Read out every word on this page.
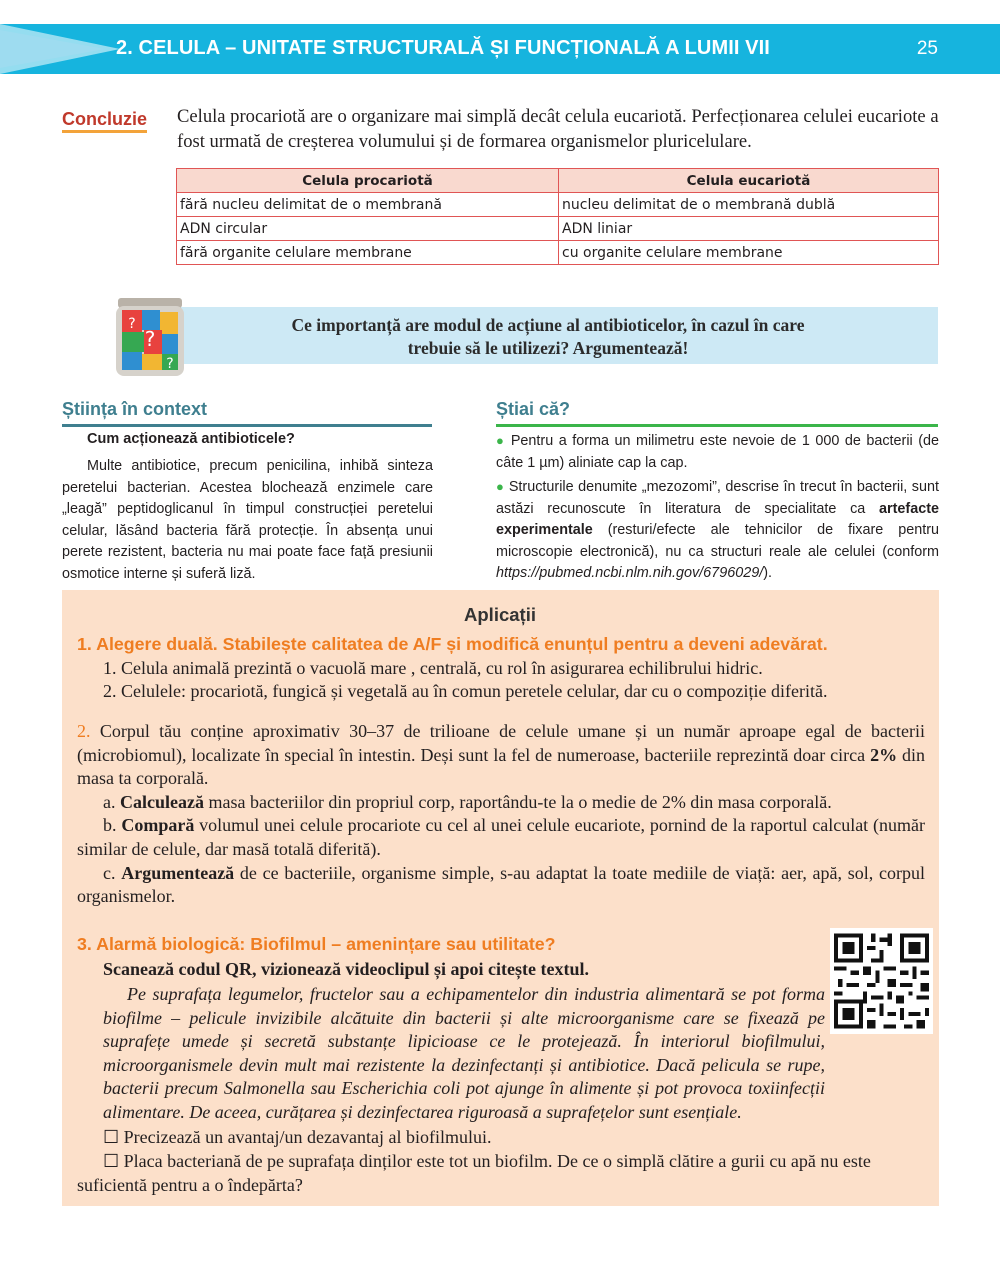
2. CELULA – UNITATE STRUCTURALĂ ȘI FUNCȚIONALĂ A LUMII VII	25
Concluzie Celula procariotă are o organizare mai simplă decât celula eucariotă. Perfecționarea celulei eucariote a fost urmată de creșterea volumului și de formarea organismelor pluricelulare.
Celula procariotă	Celula eucariotă
fără nucleu delimitat de o membrană	nucleu delimitat de o membrană dublă
ADN circular	ADN liniar
fără organite celulare membrane	cu organite celulare membrane
?
?
?	Ce importanță are modul de acțiune al antibioticelor, în cazul în care
trebuie să le utilizezi? Argumentează!
Știința în context
Cum acționează antibioticele?
Multe antibiotice, precum penicilina, inhibă sinteza peretelui bacterian. Acestea blochează enzimele care „leagă” peptidoglicanul în timpul construcției peretelui celular, lăsând bacteria fără protecție. În absența unui perete rezistent, bacteria nu mai poate face față presiunii osmotice interne și suferă liză.
Știai că?

● Pentru a forma un milimetru este nevoie de 1 000 de bacterii (de câte 1 µm) aliniate cap la cap.

● Structurile denumite „mezozomi”, descrise în trecut în bacterii, sunt astăzi recunoscute în literatura de specialitate ca artefacte experimentale (resturi/efecte ale tehnicilor de fixare pentru microscopie electronică), nu ca structuri reale ale celulei (conform https://pubmed.ncbi.nlm.nih.gov/6796029/).

Aplicații
1. Alegere duală. Stabilește calitatea de A/F și modifică enunțul pentru a deveni adevărat.
1. Celula animală prezintă o vacuolă mare , centrală, cu rol în asigurarea echilibrului hidric.
2. Celulele: procariotă, fungică și vegetală au în comun peretele celular, dar cu o compoziție diferită.
2. Corpul tău conține aproximativ 30–37 de trilioane de celule umane și un număr aproape egal de bacterii (microbiomul), localizate în special în intestin. Deși sunt la fel de numeroase, bacteriile reprezintă doar circa 2% din masa ta corporală.
a. Calculează masa bacteriilor din propriul corp, raportându-te la o medie de 2% din masa corporală.
b. Compară volumul unei celule procariote cu cel al unei celule eucariote, pornind de la raportul calculat (număr similar de celule, dar masă totală diferită).
c. Argumentează de ce bacteriile, organisme simple, s-au adaptat la toate mediile de viață: aer, apă, sol, corpul organismelor.
3. Alarmă biologică: Biofilmul – amenințare sau utilitate?
Scanează codul QR, vizionează videoclipul și apoi citește textul.
Pe suprafața legumelor, fructelor sau a echipamentelor din industria alimentară se pot forma biofilme – pelicule invizibile alcătuite din bacterii și alte microorganisme care se fixează pe suprafețe umede și secretă substanțe lipicioase ce le protejează. În interiorul biofilmului, microorganismele devin mult mai rezistente la dezinfectanți și antibiotice. Dacă pelicula se rupe, bacterii precum Salmonella sau Escherichia coli pot ajunge în alimente și pot provoca toxiinfecții alimentare. De aceea, curățarea și dezinfectarea riguroasă a suprafețelor sunt esențiale.
☐ Precizează un avantaj/un dezavantaj al biofilmului.
☐ Placa bacteriană de pe suprafața dinților este tot un biofilm. De ce o simplă clătire a gurii cu apă nu este suficientă pentru a o îndepărta?
